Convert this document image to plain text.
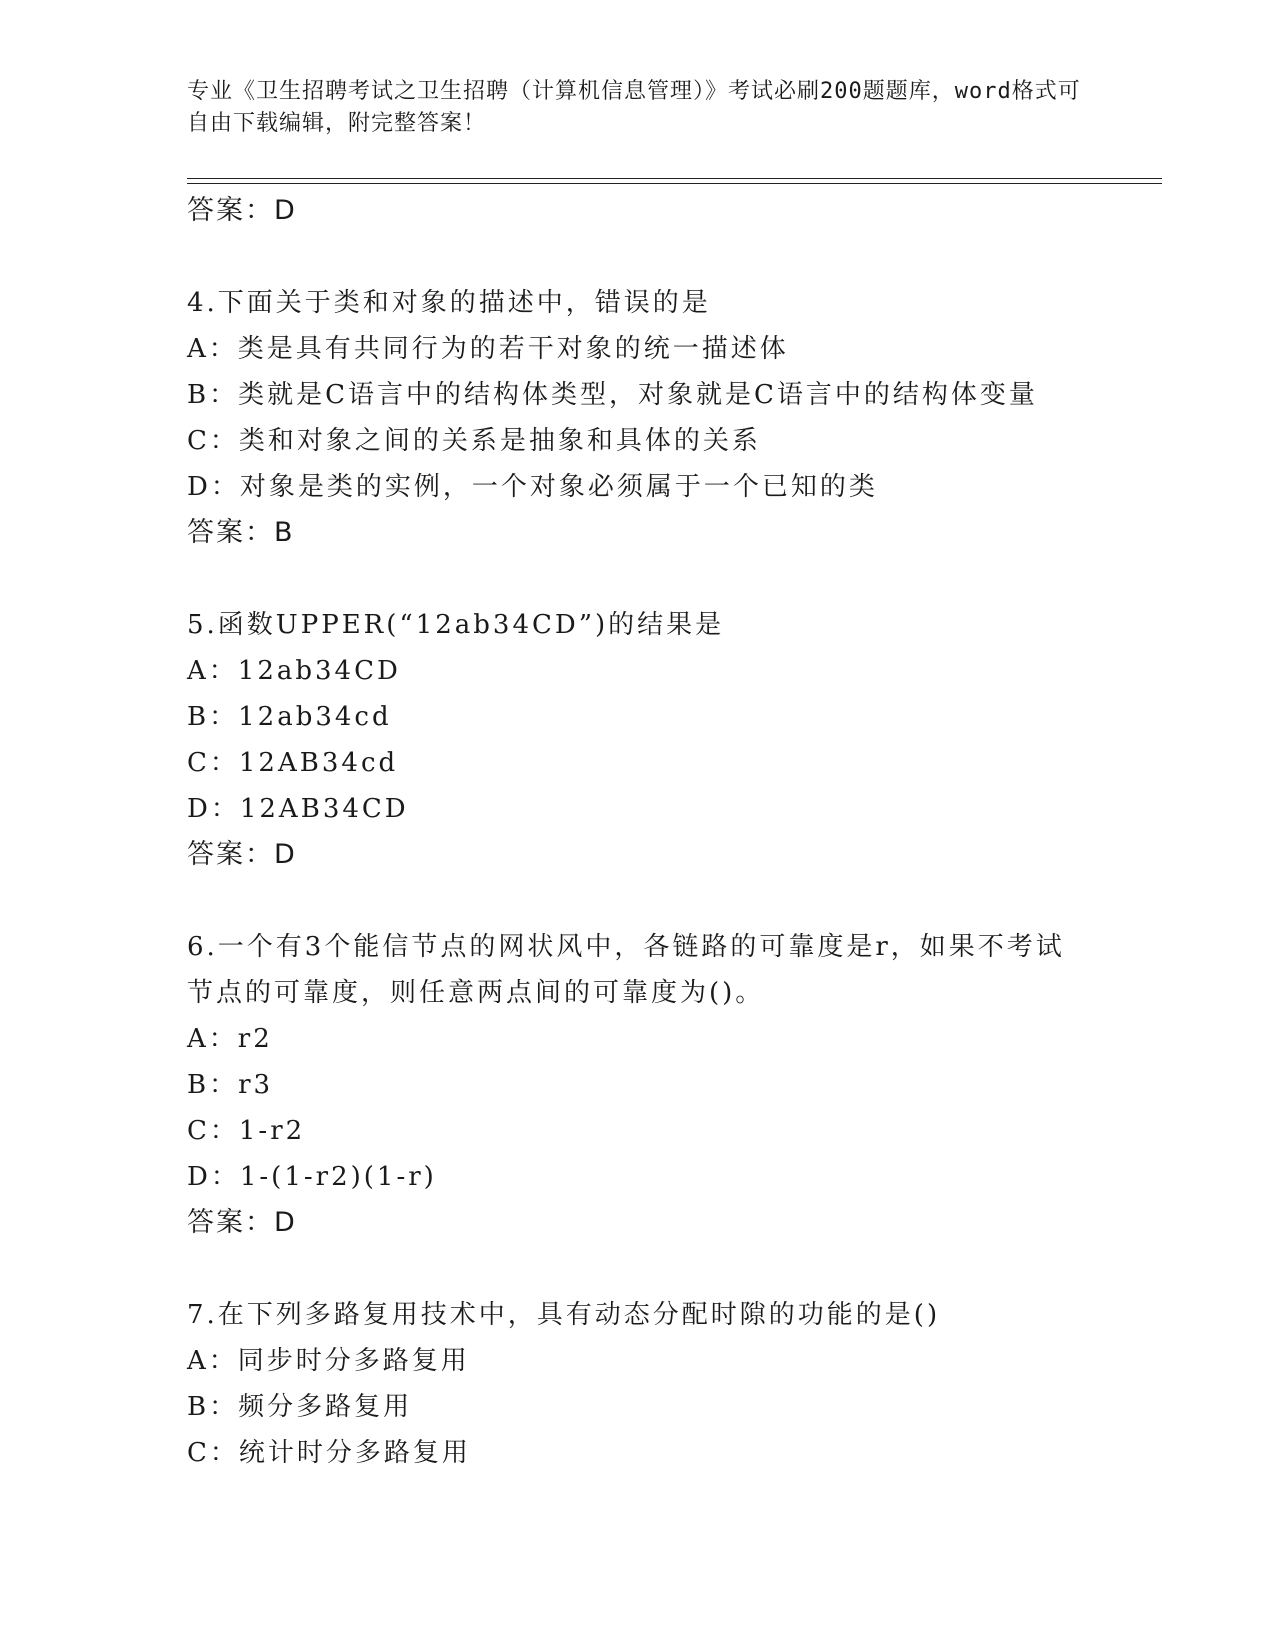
专业《卫生招聘考试之卫生招聘（计算机信息管理）》考试必刷200题题库，word格式可自由下载编辑，附完整答案！
答案：D
4.下面关于类和对象的描述中，错误的是
A：类是具有共同行为的若干对象的统一描述体
B：类就是C语言中的结构体类型，对象就是C语言中的结构体变量
C：类和对象之间的关系是抽象和具体的关系
D：对象是类的实例，一个对象必须属于一个已知的类
答案：B
5.函数UPPER(“12ab34CD”)的结果是
A：12ab34CD
B：12ab34cd
C：12AB34cd
D：12AB34CD
答案：D
6.一个有3个能信节点的网状风中，各链路的可靠度是r，如果不考试节点的可靠度，则任意两点间的可靠度为()。
A：r2
B：r3
C：1-r2
D：1-(1-r2)(1-r)
答案：D
7.在下列多路复用技术中，具有动态分配时隙的功能的是()
A：同步时分多路复用
B：频分多路复用
C：统计时分多路复用
